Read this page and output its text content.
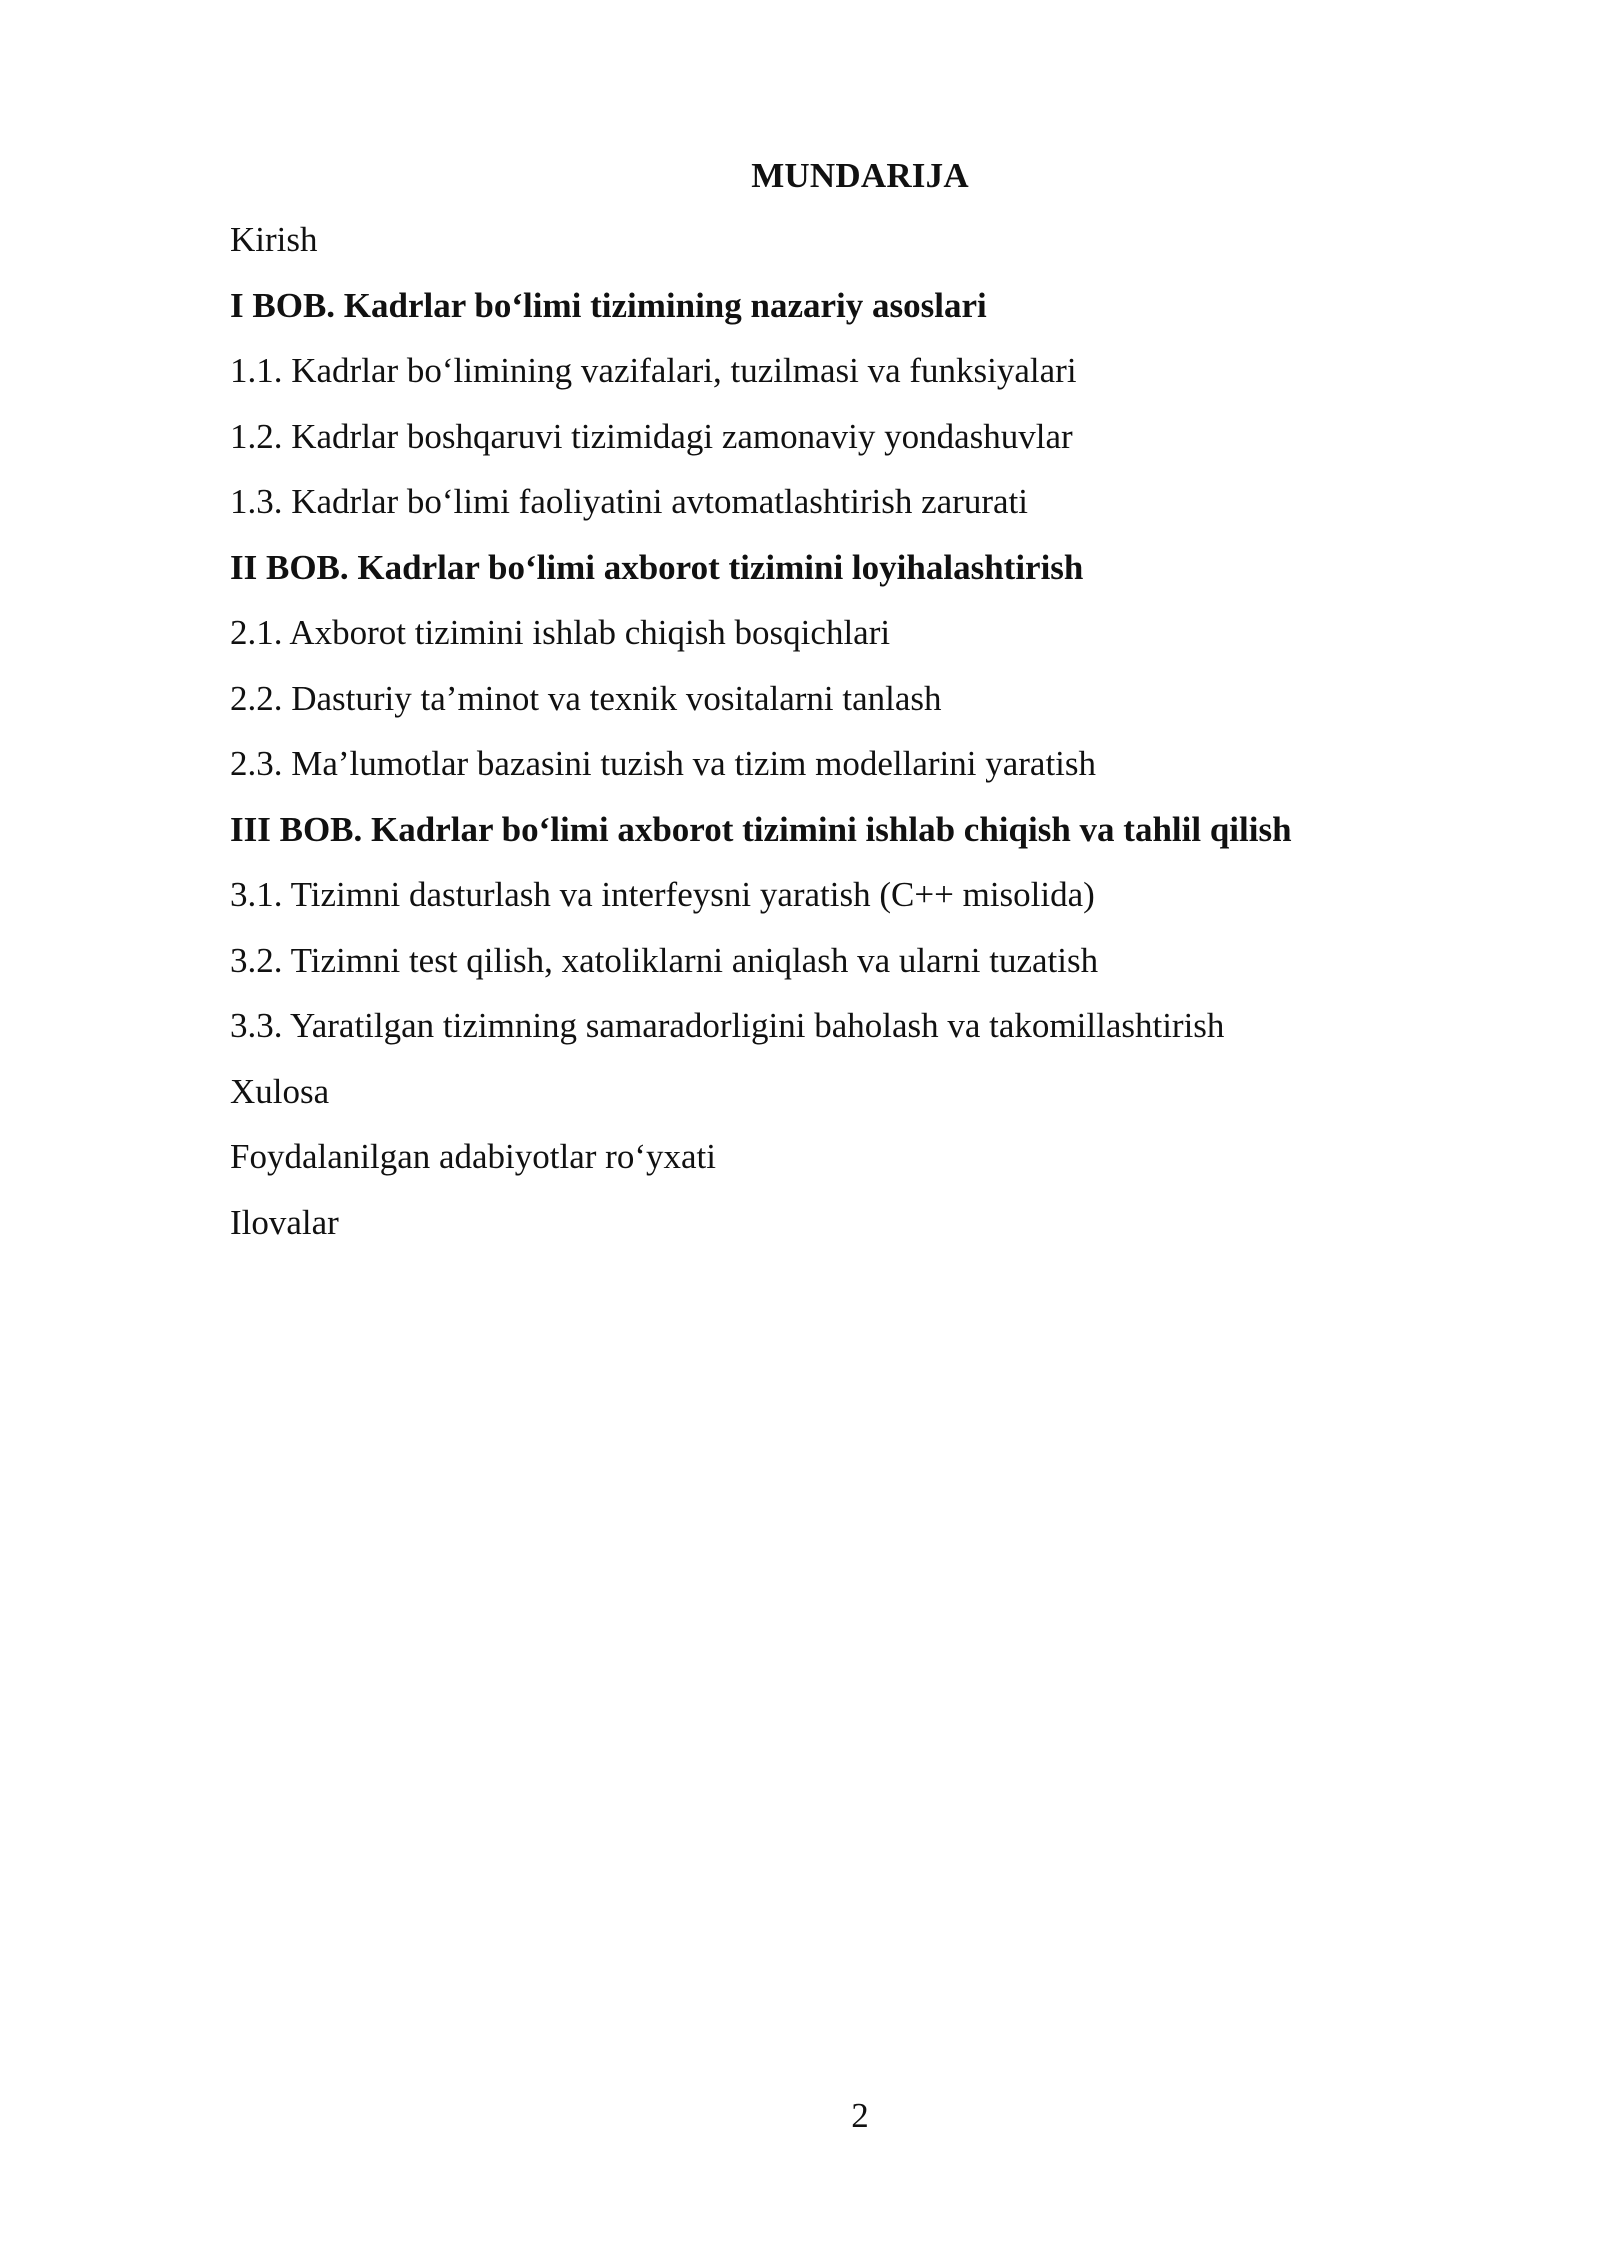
MUNDARIJA
Kirish
I BOB. Kadrlar bo‘limi tizimining nazariy asoslari
1.1. Kadrlar bo‘limining vazifalari, tuzilmasi va funksiyalari
1.2. Kadrlar boshqaruvi tizimidagi zamonaviy yondashuvlar
1.3. Kadrlar bo‘limi faoliyatini avtomatlashtirish zarurati
II BOB. Kadrlar bo‘limi axborot tizimini loyihalashtirish
2.1. Axborot tizimini ishlab chiqish bosqichlari
2.2. Dasturiy ta’minot va texnik vositalarni tanlash
2.3. Ma’lumotlar bazasini tuzish va tizim modellarini yaratish
III BOB. Kadrlar bo‘limi axborot tizimini ishlab chiqish va tahlil qilish
3.1. Tizimni dasturlash va interfeysni yaratish (C++ misolida)
3.2. Tizimni test qilish, xatoliklarni aniqlash va ularni tuzatish
3.3. Yaratilgan tizimning samaradorligini baholash va takomillashtirish
Xulosa
Foydalanilgan adabiyotlar ro‘yxati
Ilovalar
2
